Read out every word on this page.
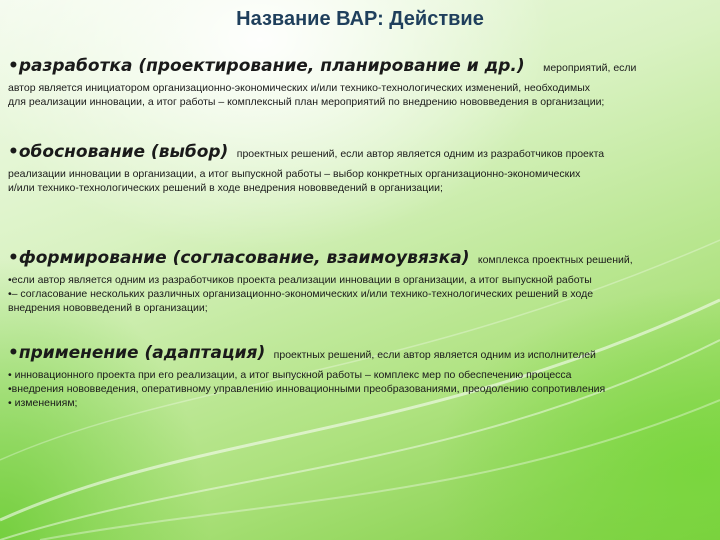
Название ВАР: Действие
•разработка (проектирование, планирование и др.) мероприятий, если
автор является инициатором организационно-экономических и/или технико-технологических изменений, необходимых
для реализации инновации, а итог работы – комплексный план мероприятий по внедрению нововведения в организации;
•обоснование (выбор) проектных решений, если автор является одним из разработчиков проекта
реализации инновации в организации, а итог выпускной работы – выбор конкретных организационно-экономических
и/или технико-технологических решений в ходе внедрения нововведений в организации;
•формирование (согласование, взаимоувязка) комплекса проектных решений,
•если автор является одним из разработчиков проекта реализации инновации в организации, а итог выпускной работы
•– согласование нескольких различных организационно-экономических и/или технико-технологических решений в ходе
внедрения нововведений в организации;
•применение (адаптация) проектных решений, если автор является одним из исполнителей
• инновационного проекта при его реализации, а итог выпускной работы – комплекс мер по обеспечению процесса
•внедрения нововведения, оперативному управлению инновационными преобразованиями, преодолению сопротивления
• изменениям;
